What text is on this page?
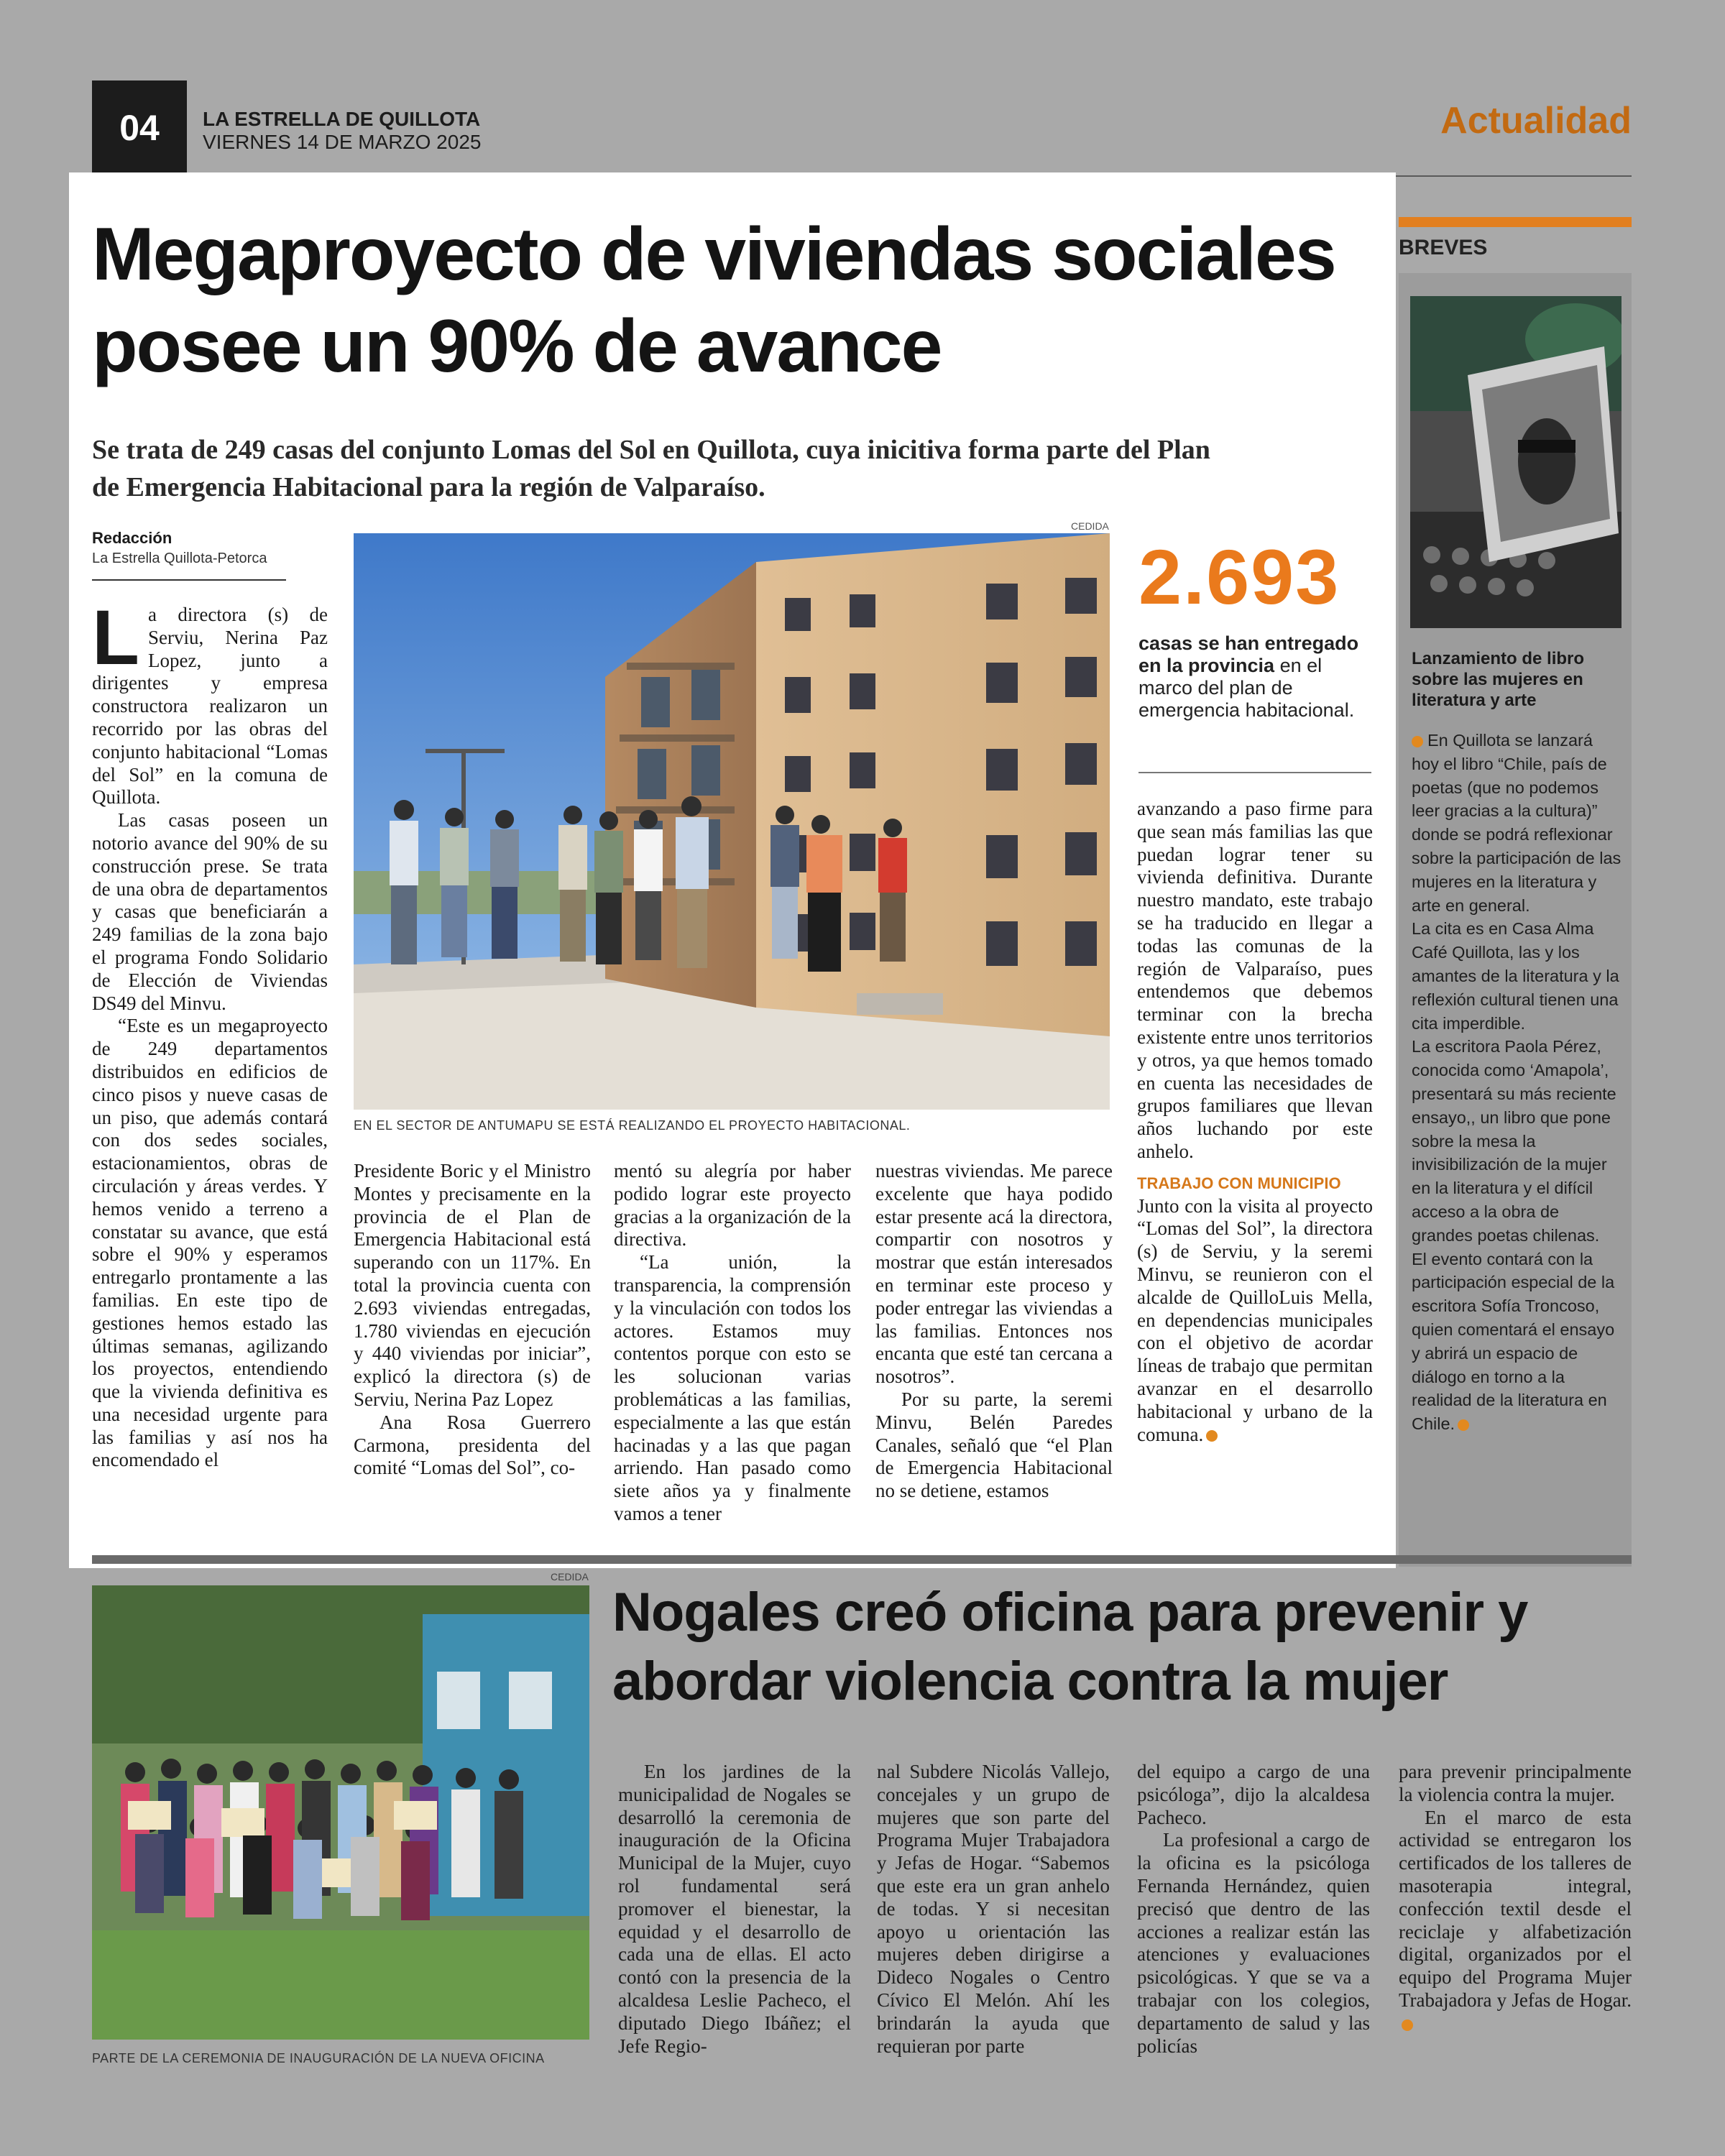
04	LA ESTRELLA DE QUILLOTA
VIERNES 14 DE MARZO 2025
Actualidad
Megaproyecto de viviendas sociales posee un 90% de avance
Se trata de 249 casas del conjunto Lomas del Sol en Quillota, cuya inicitiva forma parte del Plan de Emergencia Habitacional para la región de Valparaíso.
Redacción
La Estrella Quillota-Petorca

La directora (s) de Serviu, Nerina Paz Lopez, junto a dirigentes y empresa constructora realizaron un recorrido por las obras del conjunto habitacional “Lomas del Sol” en la comuna de Quillota.

Las casas poseen un notorio avance del 90% de su construcción prese. Se trata de una obra de departamentos y casas que beneficiarán a 249 familias de la zona bajo el programa Fondo Solidario de Elección de Viviendas DS49 del Minvu.

“Este es un megaproyecto de 249 departamentos distribuidos en edificios de cinco pisos y nueve casas de un piso, que además contará con dos sedes sociales, estacionamientos, obras de circulación y áreas verdes. Y hemos venido a terreno a constatar su avance, que está sobre el 90% y esperamos entregarlo prontamente a las familias. En este tipo de gestiones hemos estado las últimas semanas, agilizando los proyectos, entendiendo que la vivienda definitiva es una necesidad urgente para las familias y así nos ha encomendado el

CEDIDA
EN EL SECTOR DE ANTUMAPU SE ESTÁ REALIZANDO EL PROYECTO HABITACIONAL.
2.693
casas se han entregado en la provincia en el marco del plan de emergencia habitacional.

Presidente Boric y el Ministro Montes y precisamente en la provincia de el Plan de Emergencia Habitacional está superando con un 117%. En total la provincia cuenta con 2.693 viviendas entregadas, 1.780 viviendas en ejecución y 440 viviendas por iniciar”, explicó la directora (s) de Serviu, Nerina Paz Lopez

Ana Rosa Guerrero Carmona, presidenta del comité “Lomas del Sol”, co-

mentó su alegría por haber podido lograr este proyecto gracias a la organización de la directiva.

“La unión, la transparencia, la comprensión y la vinculación con todos los actores. Estamos muy contentos porque con esto se les solucionan varias problemáticas a las familias, especialmente a las que están hacinadas y a las que pagan arriendo. Han pasado como siete años ya y finalmente vamos a tener

nuestras viviendas. Me parece excelente que haya podido estar presente acá la directora, compartir con nosotros y mostrar que están interesados en terminar este proceso y poder entregar las viviendas a las familias. Entonces nos encanta que esté tan cercana a nosotros”.

Por su parte, la seremi Minvu, Belén Paredes Canales, señaló que “el Plan de Emergencia Habitacional no se detiene, estamos

avanzando a paso firme para que sean más familias las que puedan lograr tener su vivienda definitiva. Durante nuestro mandato, este trabajo se ha traducido en llegar a todas las comunas de la región de Valparaíso, pues entendemos que debemos terminar con la brecha existente entre unos territorios y otros, ya que hemos tomado en cuenta las necesidades de grupos familiares que llevan años luchando por este anhelo.

TRABAJO CON MUNICIPIO

Junto con la visita al proyecto “Lomas del Sol”, la directora (s) de Serviu, y la seremi Minvu, se reunieron con el alcalde de QuilloLuis Mella, en dependencias municipales con el objetivo de acordar líneas de trabajo que permitan avanzar en el desarrollo habitacional y urbano de la comuna.

BREVES
Lanzamiento de libro sobre las mujeres en literatura y arte

En Quillota se lanzará hoy el libro “Chile, país de poetas (que no podemos leer gracias a la cultura)” donde se podrá reflexionar sobre la participación de las mujeres en la literatura y arte en general.

La cita es en Casa Alma Café Quillota, las y los amantes de la literatura y la reflexión cultural tienen una cita imperdible.

La escritora Paola Pérez, conocida como ‘Amapola’, presentará su más reciente ensayo,, un libro que pone sobre la mesa la invisibilización de la mujer en la literatura y el difícil acceso a la obra de grandes poetas chilenas.

El evento contará con la participación especial de la escritora Sofía Troncoso, quien comentará el ensayo y abrirá un espacio de diálogo en torno a la realidad de la literatura en Chile.

CEDIDA
PARTE DE LA CEREMONIA DE INAUGURACIÓN DE LA NUEVA OFICINA
Nogales creó oficina para prevenir y abordar violencia contra la mujer

En los jardines de la municipalidad de Nogales se desarrolló la ceremonia de inauguración de la Oficina Municipal de la Mujer, cuyo rol fundamental será promover el bienestar, la equidad y el desarrollo de cada una de ellas. El acto contó con la presencia de la alcaldesa Leslie Pacheco, el diputado Diego Ibáñez; el Jefe Regio-

nal Subdere Nicolás Vallejo, concejales y un grupo de mujeres que son parte del Programa Mujer Trabajadora y Jefas de Hogar. “Sabemos que este era un gran anhelo de todas. Y si necesitan apoyo u orientación las mujeres deben dirigirse a Dideco Nogales o Centro Cívico El Melón. Ahí les brindarán la ayuda que requieran por parte

del equipo a cargo de una psicóloga”, dijo la alcaldesa Pacheco.

La profesional a cargo de la oficina es la psicóloga Fernanda Hernández, quien precisó que dentro de las acciones a realizar están las atenciones y evaluaciones psicológicas. Y que se va a trabajar con los colegios, departamento de salud y las policías

para prevenir principalmente la violencia contra la mujer.

En el marco de esta actividad se entregaron los certificados de los talleres de masoterapia integral, confección textil desde el reciclaje y alfabetización digital, organizados por el equipo del Programa Mujer Trabajadora y Jefas de Hogar.
